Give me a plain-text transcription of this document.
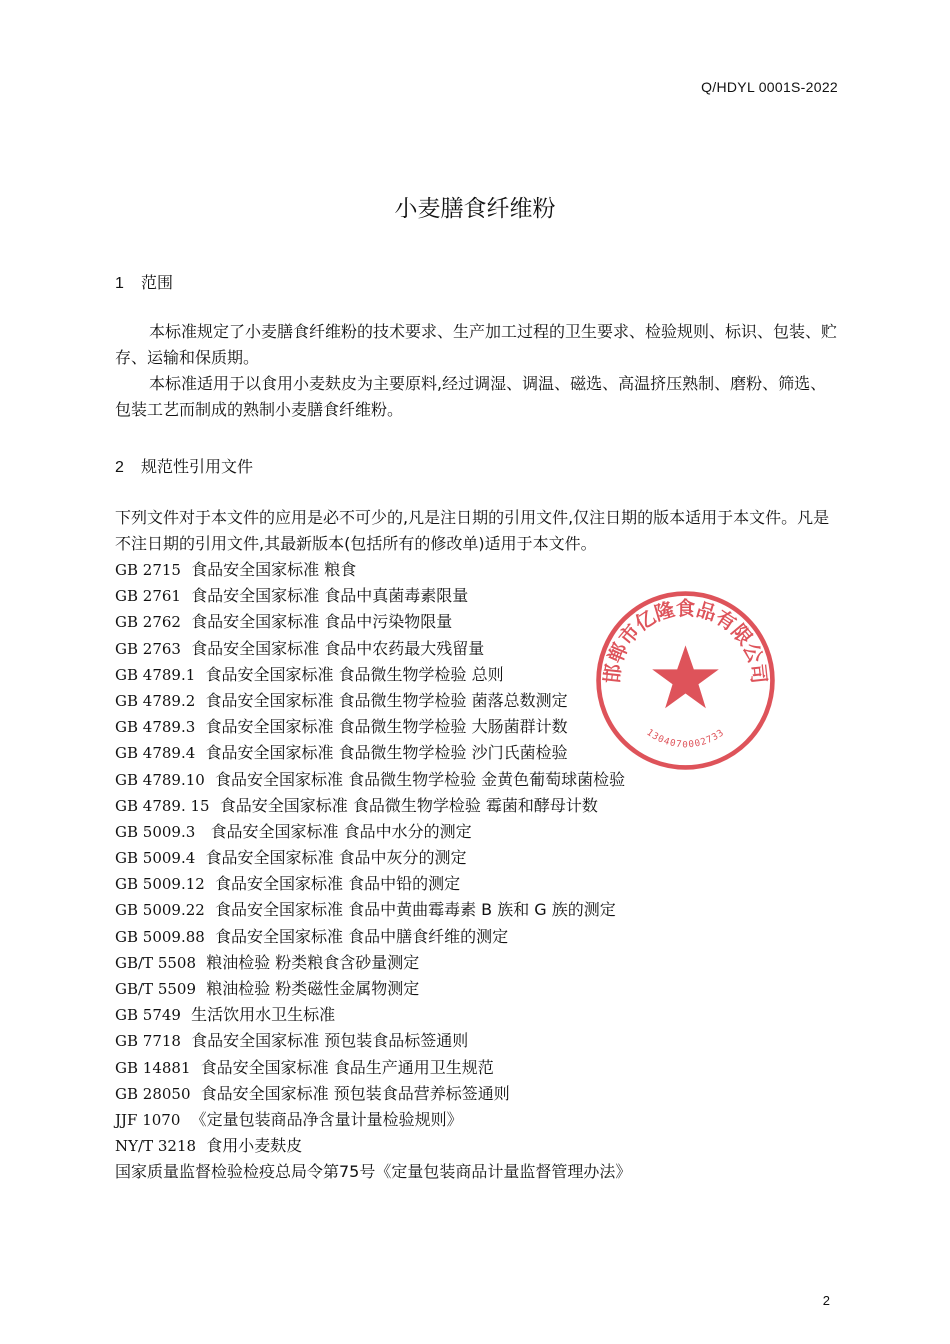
Q/HDYL 0001S-2022
小麦膳食纤维粉
1 范围
本标准规定了小麦膳食纤维粉的技术要求、生产加工过程的卫生要求、检验规则、标识、包装、贮存、运输和保质期。
本标准适用于以食用小麦麸皮为主要原料,经过调湿、调温、磁选、高温挤压熟制、磨粉、筛选、包装工艺而制成的熟制小麦膳食纤维粉。
2 规范性引用文件
下列文件对于本文件的应用是必不可少的,凡是注日期的引用文件,仅注日期的版本适用于本文件。凡是不注日期的引用文件,其最新版本(包括所有的修改单)适用于本文件。
GB 2715 食品安全国家标准 粮食
GB 2761 食品安全国家标准 食品中真菌毒素限量
GB 2762 食品安全国家标准 食品中污染物限量
GB 2763 食品安全国家标准 食品中农药最大残留量
GB 4789.1 食品安全国家标准 食品微生物学检验 总则
GB 4789.2 食品安全国家标准 食品微生物学检验 菌落总数测定
GB 4789.3 食品安全国家标准 食品微生物学检验 大肠菌群计数
GB 4789.4 食品安全国家标准 食品微生物学检验 沙门氏菌检验
GB 4789.10 食品安全国家标准 食品微生物学检验 金黄色葡萄球菌检验
GB 4789. 15 食品安全国家标准 食品微生物学检验 霉菌和酵母计数
GB 5009.3   食品安全国家标准 食品中水分的测定
GB 5009.4 食品安全国家标准 食品中灰分的测定
GB 5009.12 食品安全国家标准 食品中铅的测定
GB 5009.22 食品安全国家标准 食品中黄曲霉毒素 B 族和 G 族的测定
GB 5009.88 食品安全国家标准 食品中膳食纤维的测定
GB/T 5508 粮油检验 粉类粮食含砂量测定
GB/T 5509 粮油检验 粉类磁性金属物测定
GB 5749 生活饮用水卫生标准
GB 7718 食品安全国家标准 预包装食品标签通则
GB 14881 食品安全国家标准 食品生产通用卫生规范
GB 28050 食品安全国家标准 预包装食品营养标签通则
JJF 1070 《定量包装商品净含量计量检验规则》
NY/T 3218 食用小麦麸皮
国家质量监督检验检疫总局令第75号《定量包装商品计量监督管理办法》
邯郸市亿隆食品有限公司
1304070002733
2
